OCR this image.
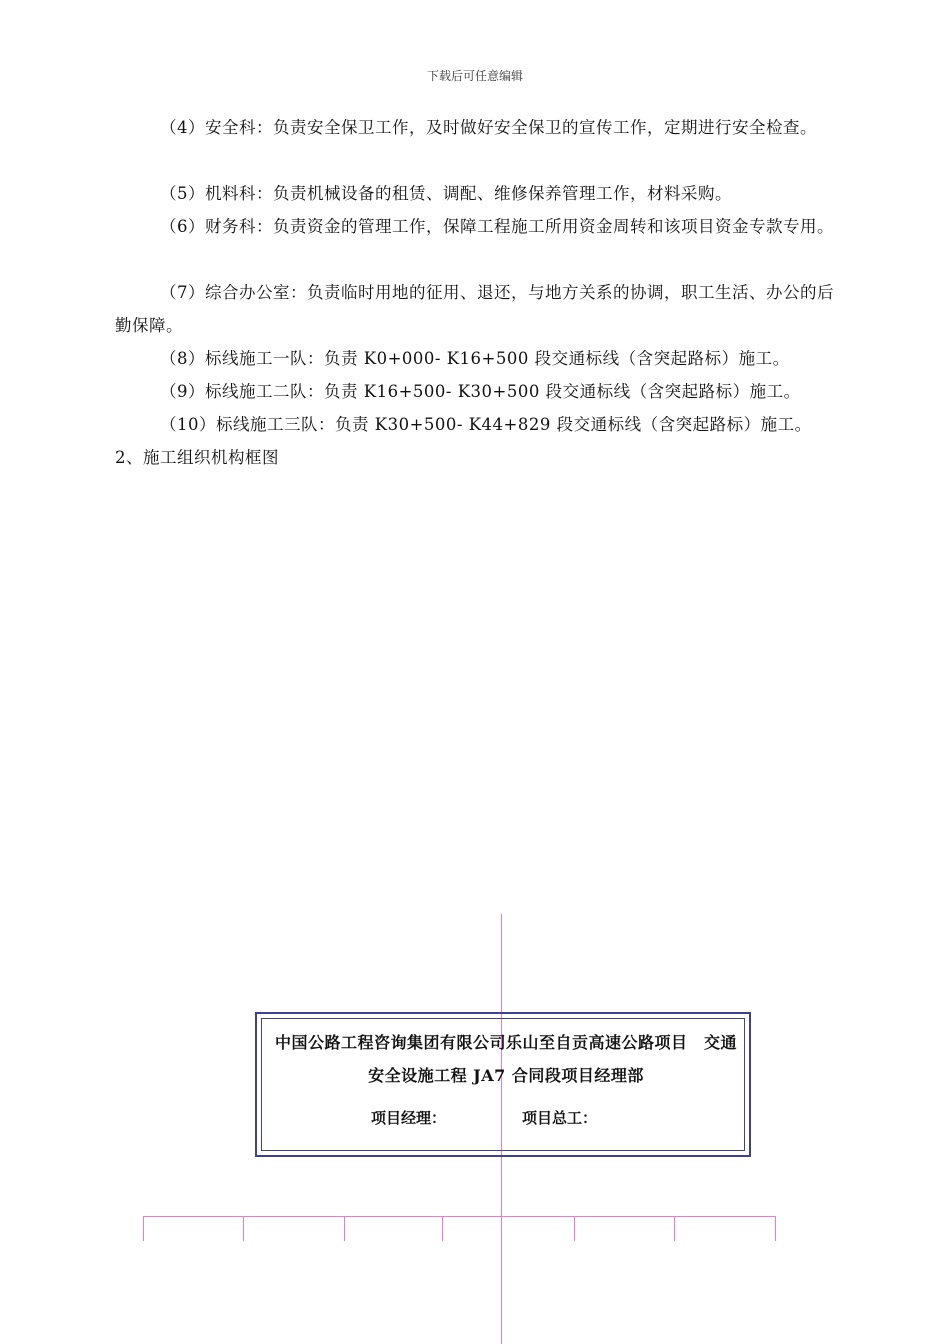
下载后可任意编辑
（4）安全科：负责安全保卫工作，及时做好安全保卫的宣传工作，定期进行安全检查。
（5）机料科：负责机械设备的租赁、调配、维修保养管理工作，材料采购。
（6）财务科：负责资金的管理工作，保障工程施工所用资金周转和该项目资金专款专用。
（7）综合办公室：负责临时用地的征用、退还，与地方关系的协调，职工生活、办公的后勤保障。
（8）标线施工一队：负责 K0+000- K16+500 段交通标线（含突起路标）施工。
（9）标线施工二队：负责 K16+500- K30+500 段交通标线（含突起路标）施工。
（10）标线施工三队：负责 K30+500- K44+829 段交通标线（含突起路标）施工。
2、施工组织机构框图
中国公路工程咨询集团有限公司乐山至自贡高速公路项目　交通安全设施工程 JA7 合同段项目经理部
项目经理：	项目总工：
